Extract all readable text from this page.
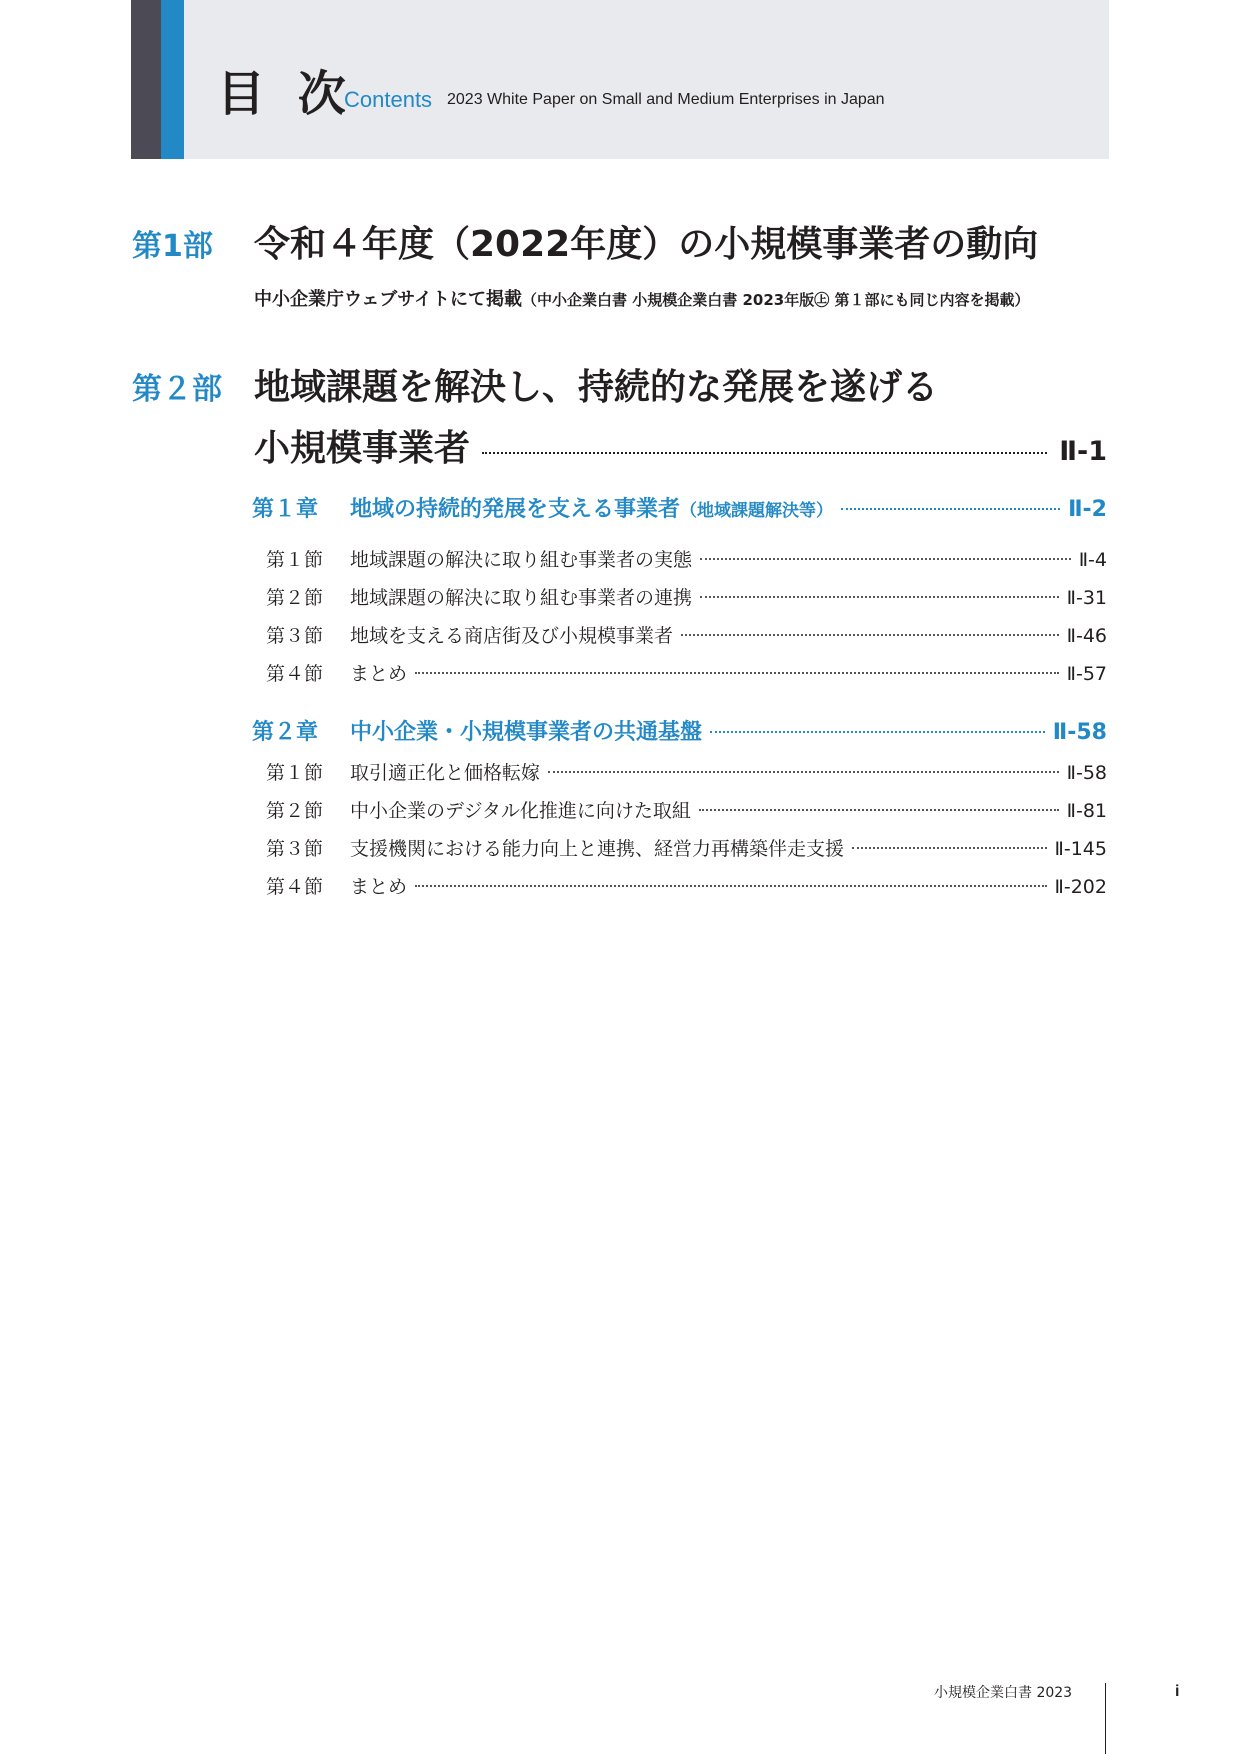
目 次
Contents 2023 White Paper on Small and Medium Enterprises in Japan
第1部 令和４年度（2022年度）の小規模事業者の動向
中小企業庁ウェブサイトにて掲載（中小企業白書 小規模企業白書 2023年版㊤ 第１部にも同じ内容を掲載）
第２部 地域課題を解決し、持続的な発展を遂げる
小規模事業者	Ⅱ-1
第１章	地域の持続的発展を支える事業者（地域課題解決等）	Ⅱ-2
第１節	地域課題の解決に取り組む事業者の実態	Ⅱ-4
第２節	地域課題の解決に取り組む事業者の連携	Ⅱ-31
第３節	地域を支える商店街及び小規模事業者	Ⅱ-46
第４節	まとめ	Ⅱ-57
第２章	中小企業・小規模事業者の共通基盤	Ⅱ-58
第１節	取引適正化と価格転嫁	Ⅱ-58
第２節	中小企業のデジタル化推進に向けた取組	Ⅱ-81
第３節	支援機関における能力向上と連携、経営力再構築伴走支援	Ⅱ-145
第４節	まとめ	Ⅱ-202
小規模企業白書 2023	i
